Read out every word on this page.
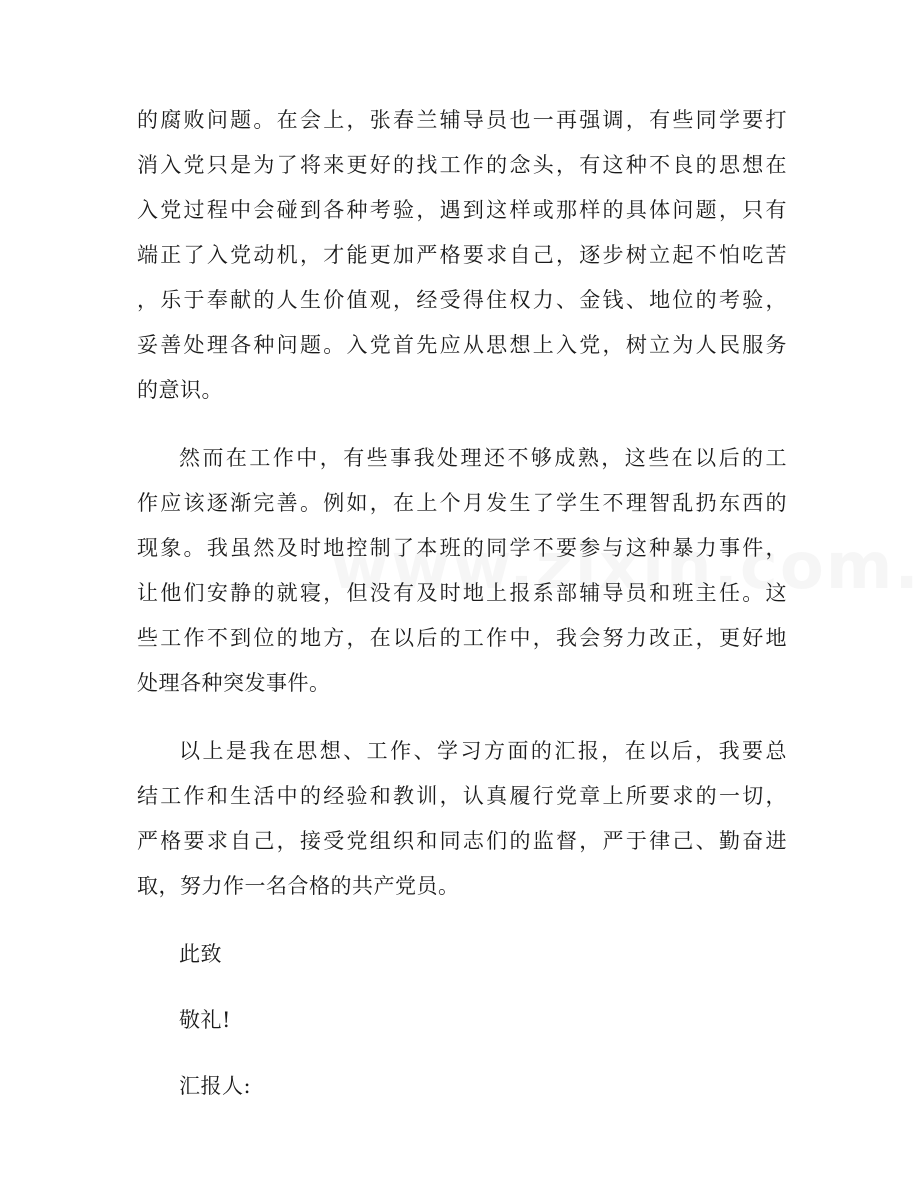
的腐败问题。在会上，张春兰辅导员也一再强调，有些同学要打
消入党只是为了将来更好的找工作的念头，有这种不良的思想在
入党过程中会碰到各种考验，遇到这样或那样的具体问题，只有
端正了入党动机，才能更加严格要求自己，逐步树立起不怕吃苦
，乐于奉献的人生价值观，经受得住权力、金钱、地位的考验，
妥善处理各种问题。入党首先应从思想上入党，树立为人民服务
的意识。
然而在工作中，有些事我处理还不够成熟，这些在以后的工
作应该逐渐完善。例如，在上个月发生了学生不理智乱扔东西的
现象。我虽然及时地控制了本班的同学不要参与这种暴力事件，
让他们安静的就寝，但没有及时地上报系部辅导员和班主任。这
些工作不到位的地方，在以后的工作中，我会努力改正，更好地
处理各种突发事件。
以上是我在思想、工作、学习方面的汇报，在以后，我要总
结工作和生活中的经验和教训，认真履行党章上所要求的一切，
严格要求自己，接受党组织和同志们的监督，严于律己、勤奋进
取，努力作一名合格的共产党员。
此致
敬礼!
汇报人:
